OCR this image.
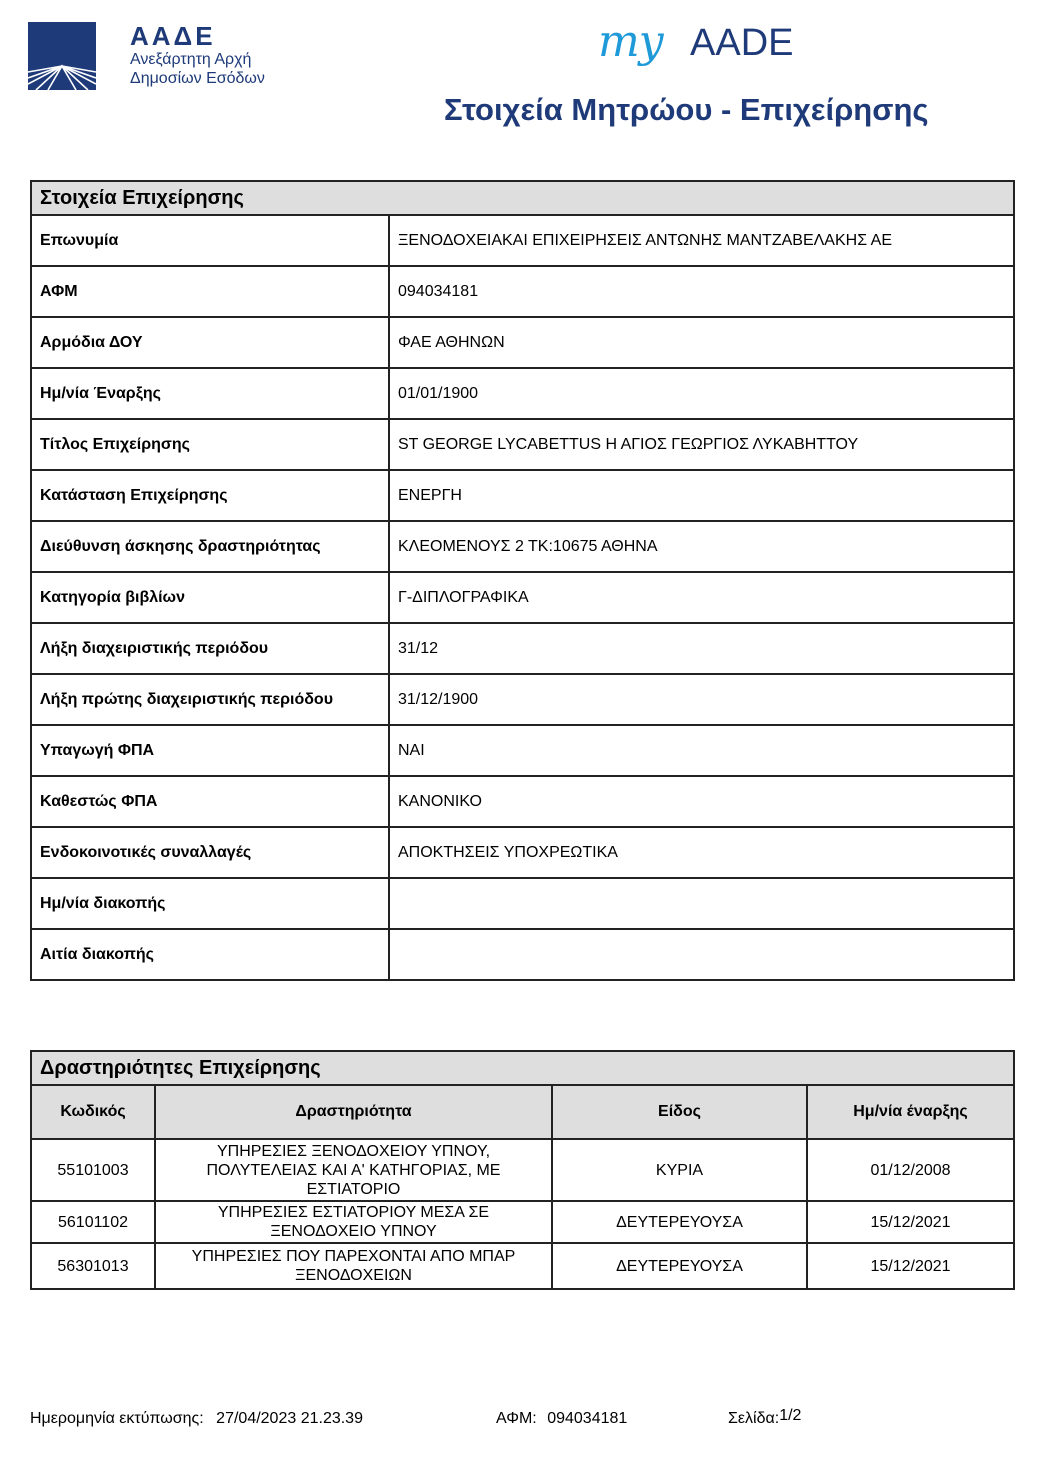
ΑΑΔΕ
Ανεξάρτητη Αρχή
Δημοσίων Εσόδων
my AADE
Στοιχεία Μητρώου - Επιχείρησης
Στοιχεία Επιχείρησης	
Επωνυμία	ΞΕΝΟΔΟΧΕΙΑΚΑΙ ΕΠΙΧΕΙΡΗΣΕΙΣ ΑΝΤΩΝΗΣ ΜΑΝΤΖΑΒΕΛΑΚΗΣ ΑΕ
ΑΦΜ	094034181
Αρμόδια ΔΟΥ	ΦΑΕ ΑΘΗΝΩΝ
Ημ/νία Έναρξης	01/01/1900
Τίτλος Επιχείρησης	ST GEORGE LYCABETTUS Η ΑΓΙΟΣ ΓΕΩΡΓΙΟΣ ΛΥΚΑΒΗΤΤΟΥ
Κατάσταση Επιχείρησης	ΕΝΕΡΓΗ
Διεύθυνση άσκησης δραστηριότητας	ΚΛΕΟΜΕΝΟΥΣ 2 ΤΚ:10675 ΑΘΗΝΑ
Κατηγορία βιβλίων	Γ-ΔΙΠΛΟΓΡΑΦΙΚΑ
Λήξη διαχειριστικής περιόδου	31/12
Λήξη πρώτης διαχειριστικής περιόδου	31/12/1900
Υπαγωγή ΦΠΑ	ΝΑΙ
Καθεστώς ΦΠΑ	ΚΑΝΟΝΙΚΟ
Ενδοκοινοτικές συναλλαγές	ΑΠΟΚΤΗΣΕΙΣ ΥΠΟΧΡΕΩΤΙΚΑ
Ημ/νία διακοπής	
Αιτία διακοπής	
Δραστηριότητες Επιχείρησης			
Κωδικός	Δραστηριότητα	Είδος	Ημ/νία έναρξης
55101003	ΥΠΗΡΕΣΙΕΣ ΞΕΝΟΔΟΧΕΙΟΥ ΥΠΝΟΥ,
ΠΟΛΥΤΕΛΕΙΑΣ ΚΑΙ Α' ΚΑΤΗΓΟΡΙΑΣ, ΜΕ
ΕΣΤΙΑΤΟΡΙΟ	ΚΥΡΙΑ	01/12/2008
56101102	ΥΠΗΡΕΣΙΕΣ ΕΣΤΙΑΤΟΡΙΟΥ ΜΕΣΑ ΣΕ
ΞΕΝΟΔΟΧΕΙΟ ΥΠΝΟΥ	ΔΕΥΤΕΡΕΥΟΥΣΑ	15/12/2021
56301013	ΥΠΗΡΕΣΙΕΣ ΠΟΥ ΠΑΡΕΧΟΝΤΑΙ ΑΠΟ ΜΠΑΡ
ΞΕΝΟΔΟΧΕΙΩΝ	ΔΕΥΤΕΡΕΥΟΥΣΑ	15/12/2021
Ημερομηνία εκτύπωσης: 27/04/2023 21.23.39	ΑΦΜ: 094034181	Σελίδα:1/2
